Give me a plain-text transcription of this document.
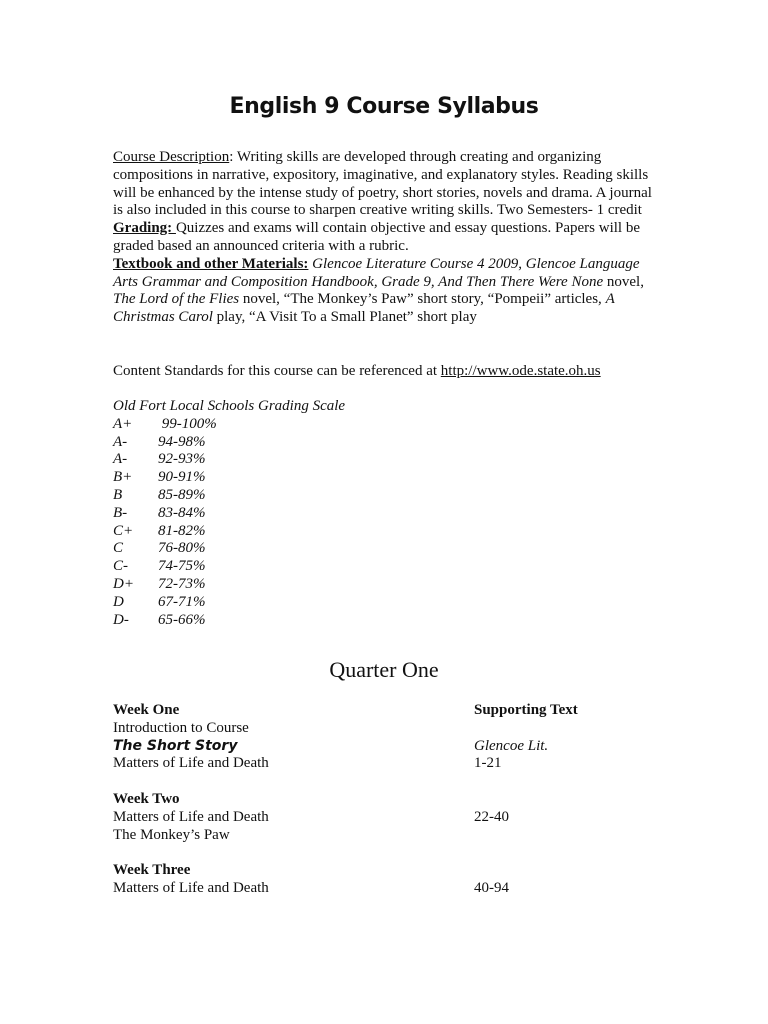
English 9 Course Syllabus
Course Description: Writing skills are developed through creating and organizing compositions in narrative, expository, imaginative, and explanatory styles. Reading skills will be enhanced by the intense study of poetry, short stories, novels and drama. A journal is also included in this course to sharpen creative writing skills. Two Semesters- 1 credit
Grading: Quizzes and exams will contain objective and essay questions. Papers will be graded based an announced criteria with a rubric.
Textbook and other Materials: Glencoe Literature Course 4 2009, Glencoe Language Arts Grammar and Composition Handbook, Grade 9, And Then There Were None novel, The Lord of the Flies novel, “The Monkey’s Paw” short story, “Pompeii” articles, A Christmas Carol play, “A Visit To a Small Planet” short play
Content Standards for this course can be referenced at http://www.ode.state.oh.us
Old Fort Local Schools Grading Scale
A+	99-100%
A-	94-98%
A-	92-93%
B+	90-91%
B	85-89%
B-	83-84%
C+	81-82%
C	76-80%
C-	74-75%
D+	72-73%
D	67-71%
D-	65-66%
Quarter One
Week One	Supporting Text
Introduction to Course
The Short Story	Glencoe Lit.
Matters of Life and Death	1-21
Week Two
Matters of Life and Death	22-40
The Monkey’s Paw
Week Three
Matters of Life and Death	40-94
